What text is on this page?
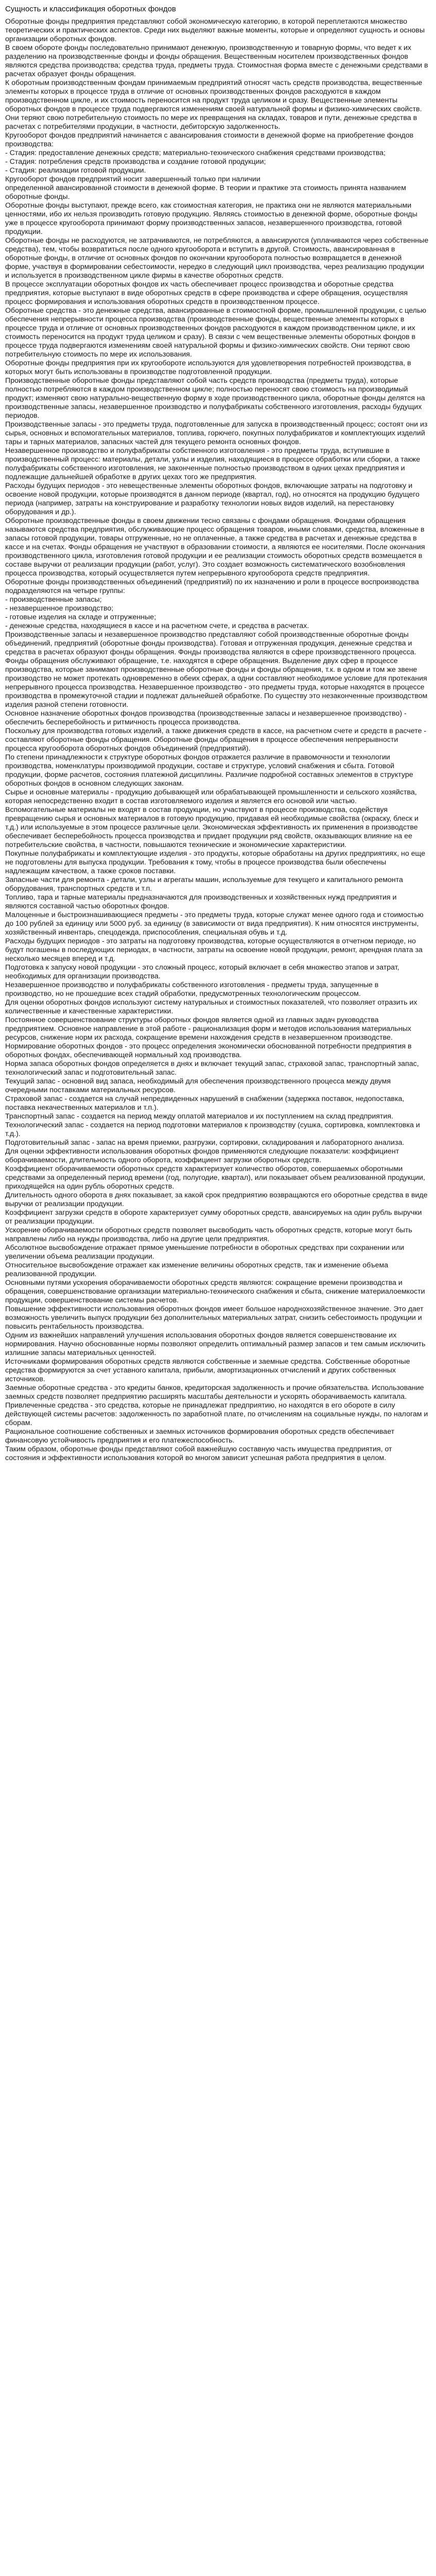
Сущность и классификация оборотных фондов

Оборотные фонды предприятия представляют собой экономическую категорию, в которой переплетаются множество теоретических и практических аспектов. Среди них выделяют важные моменты, которые и определяют сущность и основы организации оборотных фондов.

В своем обороте фонды последовательно принимают денежную, производственную и товарную формы, что ведет к их разделению на производственные фонды и фонды обращения. Вещественным носителем производственных фондов являются средства производства; средства труда, предметы труда. Стоимостная форма вместе с денежными средствами в расчетах образует фонды обращения.

К оборотным производственным фондам принимаемым предприятий относят часть средств производства, вещественные элементы которых в процессе труда в отличие от основных производственных фондов расходуются в каждом производственном цикле, и их стоимость переносится на продукт труда целиком и сразу. Вещественные элементы оборотных фондов в процессе труда подвергаются изменениям своей натуральной формы и физико-химических свойств. Они теряют свою потребительную стоимость по мере их превращения на складах, товаров и пути, денежные средства в расчетах с потребителями продукции, в частности, дебиторскую задолженность.

Кругооборот фондов предприятий начинается с авансирования стоимости в денежной форме на приобретение фондов производства:

- Стадия: предоставление денежных средств; материально-технического снабжения средствами производства;

- Стадия: потребления средств производства и создание готовой продукции;

- Стадия: реализации готовой продукции.

Кругооборот фондов предприятий носит завершенный только при наличии

определенной авансированной стоимости в денежной форме. В теории и практике эта стоимость принята названием оборотные фонды.

Оборотные фонды выступают, прежде всего, как стоимостная категория, не практика они не являются материальными ценностями, ибо их нельзя производить готовую продукцию. Являясь стоимостью в денежной форме, оборотные фонды уже в процессе кругооборота принимают форму производственных запасов, незавершенного производства, готовой продукции.

Оборотные фонды не расходуются, не затрачиваются, не потребляются, а авансируются (уплачиваются через собственные средства), тем, чтобы возвратиться после одного кругооборота и вступить в другой. Стоимость, авансированная в оборотные фонды, в отличие от основных фондов по окончании кругооборота полностью возвращается в денежной форме, участвуя в формировании себестоимости, нередко в следующий цикл производства, через реализацию продукции и используется в производственном цикле фирмы в качестве оборотных средств.

В процессе эксплуатации оборотных фондов их часть обеспечивает процесс производства и оборотные средства предприятия, которые выступают в виде оборотных средств в сфере производства и сфере обращения, осуществляя процесс формирования и использования оборотных средств в производственном процессе.

Оборотные средства - это денежные средства, авансированные в стоимостной форме, промышленной продукции, с целью обеспечения непрерывности процесса производства (производственные фонды, вещественные элементы которых в процессе труда и отличие от основных производственных фондов расходуются в каждом производственном цикле, и их стоимость переносится на продукт труда целиком и сразу). В связи с чем вещественные элементы оборотных фондов в процессе труда подвергаются изменениям своей натуральной формы и физико-химических свойств. Они теряют свою потребительную стоимость по мере их использования.

Оборотные фонды предприятия при их кругообороте используются для удовлетворения потребностей производства, в которых могут быть использованы в производстве подготовленной продукции.

Производственные оборотные фонды представляют собой часть средств производства (предметы труда), которые полностью потребляются в каждом производственном цикле; полностью переносят свою стоимость на производимый продукт; изменяют свою натурально-вещественную форму в ходе производственного цикла, оборотные фонды делятся на производственные запасы, незавершенное производство и полуфабрикаты собственного изготовления, расходы будущих периодов.

Производственные запасы - это предметы труда, подготовленные для запуска в производственный процесс; состоят они из сырья, основных и вспомогательных материалов, топлива, горючего, покупных полуфабрикатов и комплектующих изделий тары и тарных материалов, запасных частей для текущего ремонта основных фондов.

Незавершенное производство и полуфабрикаты собственного изготовления - это предметы труда, вступившие в производственный процесс: материалы, детали, узлы и изделия, находящиеся в процессе обработки или сборки, а также полуфабрикаты собственного изготовления, не законченные полностью производством в одних цехах предприятия и подлежащие дальнейшей обработке в других цехах того же предприятия.

Расходы будущих периодов - это невещественные элементы оборотных фондов, включающие затраты на подготовку и освоение новой продукции, которые производятся в данном периоде (квартал, год), но относятся на продукцию будущего периода (например, затраты на конструирование и разработку технологии новых видов изделий, на перестановку оборудования и др.).

Оборотные производственные фонды в своем движении тесно связаны с фондами обращения. Фондами обращения называются средства предприятия, обслуживающие процесс обращения товаров, иными словами, средства, вложенные в запасы готовой продукции, товары отгруженные, но не оплаченные, а также средства в расчетах и денежные средства в кассе и на счетах. Фонды обращения не участвуют в образовании стоимости, а являются ее носителями. После окончания производственного цикла, изготовления готовой продукции и ее реализации стоимость оборотных средств возмещается в составе выручки от реализации продукции (работ, услуг). Это создает возможность систематического возобновления процесса производства, который осуществляется путем непрерывного кругооборота средств предприятия.

Оборотные фонды производственных объединений (предприятий) по их назначению и роли в процессе воспроизводства подразделяются на четыре группы:

- производственные запасы;

- незавершенное производство;

- готовые изделия на складе и отгруженные;

- денежные средства, находящиеся в кассе и на расчетном счете, и средства в расчетах.

Производственные запасы и незавершенное производство представляют собой производственные оборотные фонды объединений, предприятий (оборотные фонды производства). Готовая и отгруженная продукция, денежные средства и средства в расчетах образуют фонды обращения. Фонды производства являются в сфере производственного процесса. Фонды обращения обслуживают обращение, т.е. находятся в сфере обращения. Выделение двух сфер в процессе производства, которые занимают производственные оборотные фонды и фонды обращения, т.к. в одном и том же звене производство не может протекать одновременно в обеих сферах, а одни составляют необходимое условие для протекания непрерывного процесса производства. Незавершенное производство - это предметы труда, которые находятся в процессе производства в промежуточной стадии и подлежат дальнейшей обработке. По существу это незаконченные производством изделия разной степени готовности.

Основное назначение оборотных фондов производства (производственные запасы и незавершенное производство) - обеспечить бесперебойность и ритмичность процесса производства.

Поскольку для производства готовых изделий, а также движения средств в кассе, на расчетном счете и средств в расчете - составляют оборотные фонды обращения. Оборотные фонды обращения в процессе обеспечения непрерывности процесса кругооборота оборотных фондов объединений (предприятий).

По степени принадлежности к структуре оборотных фондов отражается различие в правомочности и технологии производства, номенклатуры производимой продукции, составе и структуре, условий снабжения и сбыта. Готовой продукции, форме расчетов, состояния платежной дисциплины. Различие подробной составных элементов в структуре оборотных фондов в основном следующих законам.

Сырье и основные материалы - продукцию добывающей или обрабатывающей промышленности и сельского хозяйства, которая непосредственно входит в состав изготовляемого изделия и является его основой или частью.

Вспомогательные материалы не входят в состав продукции, но участвуют в процессе производства, содействуя превращению сырья и основных материалов в готовую продукцию, придавая ей необходимые свойства (окраску, блеск и т.д.) или используемые в этом процессе различные цели. Экономическая эффективность их применения в производстве обеспечивает бесперебойность процесса производства и придает продукции ряд свойств, оказывающих влияние на ее потребительские свойства, в частности, повышаются технические и экономические характеристики.

Покупные полуфабрикаты и комплектующие изделия - это продукты, которые обработаны на других предприятиях, но еще не подготовлены для выпуска продукции. Требования к тому, чтобы в процессе производства были обеспечены надлежащим качеством, а также сроков поставки.

Запасные части для ремонта - детали, узлы и агрегаты машин, используемые для текущего и капитального ремонта оборудования, транспортных средств и т.п.

Топливо, тара и тарные материалы предназначаются для производственных и хозяйственных нужд предприятия и являются составной частью оборотных фондов.

Малоценные и быстроизнашивающиеся предметы - это предметы труда, которые служат менее одного года и стоимостью до 100 рублей за единицу или 5000 руб. за единицу (в зависимости от вида предприятия). К ним относятся инструменты, хозяйственный инвентарь, спецодежда, приспособления, специальная обувь и т.д.

Расходы будущих периодов - это затраты на подготовку производства, которые осуществляются в отчетном периоде, но будут погашены в последующих периодах, в частности, затраты на освоение новой продукции, ремонт, арендная плата за несколько месяцев вперед и т.д.

Подготовка к запуску новой продукции - это сложный процесс, который включает в себя множество этапов и затрат, необходимых для организации производства.

Незавершенное производство и полуфабрикаты собственного изготовления - предметы труда, запущенные в производство, но не прошедшие всех стадий обработки, предусмотренных технологическим процессом.

Для оценки оборотных фондов используют систему натуральных и стоимостных показателей, что позволяет отразить их количественные и качественные характеристики.

Постоянное совершенствование структуры оборотных фондов является одной из главных задач руководства предприятием. Основное направление в этой работе - рационализация форм и методов использования материальных ресурсов, снижение норм их расхода, сокращение времени нахождения средств в незавершенном производстве.

Нормирование оборотных фондов - это процесс определения экономически обоснованной потребности предприятия в оборотных фондах, обеспечивающей нормальный ход производства.

Норма запаса оборотных фондов определяется в днях и включает текущий запас, страховой запас, транспортный запас, технологический запас и подготовительный запас.

Текущий запас - основной вид запаса, необходимый для обеспечения производственного процесса между двумя очередными поставками материальных ресурсов.

Страховой запас - создается на случай непредвиденных нарушений в снабжении (задержка поставок, недопоставка, поставка некачественных материалов и т.п.).

Транспортный запас - создается на период между оплатой материалов и их поступлением на склад предприятия.

Технологический запас - создается на период подготовки материалов к производству (сушка, сортировка, комплектовка и т.д.).

Подготовительный запас - запас на время приемки, разгрузки, сортировки, складирования и лабораторного анализа.

Для оценки эффективности использования оборотных фондов применяются следующие показатели: коэффициент оборачиваемости, длительность одного оборота, коэффициент загрузки оборотных средств.

Коэффициент оборачиваемости оборотных средств характеризует количество оборотов, совершаемых оборотными средствами за определенный период времени (год, полугодие, квартал), или показывает объем реализованной продукции, приходящейся на один рубль оборотных средств.

Длительность одного оборота в днях показывает, за какой срок предприятию возвращаются его оборотные средства в виде выручки от реализации продукции.

Коэффициент загрузки средств в обороте характеризует сумму оборотных средств, авансируемых на один рубль выручки от реализации продукции.

Ускорение оборачиваемости оборотных средств позволяет высвободить часть оборотных средств, которые могут быть направлены либо на нужды производства, либо на другие цели предприятия.

Абсолютное высвобождение отражает прямое уменьшение потребности в оборотных средствах при сохранении или увеличении объема реализации продукции.

Относительное высвобождение отражает как изменение величины оборотных средств, так и изменение объема реализованной продукции.

Основными путями ускорения оборачиваемости оборотных средств являются: сокращение времени производства и обращения, совершенствование организации материально-технического снабжения и сбыта, снижение материалоемкости продукции, совершенствование системы расчетов.

Повышение эффективности использования оборотных фондов имеет большое народнохозяйственное значение. Это дает возможность увеличить выпуск продукции без дополнительных материальных затрат, снизить себестоимость продукции и повысить рентабельность производства.

Одним из важнейших направлений улучшения использования оборотных фондов является совершенствование их нормирования. Научно обоснованные нормы позволяют определить оптимальный размер запасов и тем самым исключить излишние запасы материальных ценностей.

Источниками формирования оборотных средств являются собственные и заемные средства. Собственные оборотные средства формируются за счет уставного капитала, прибыли, амортизационных отчислений и других собственных источников.

Заемные оборотные средства - это кредиты банков, кредиторская задолженность и прочие обязательства. Использование заемных средств позволяет предприятию расширять масштабы деятельности и ускорять оборачиваемость капитала.

Привлеченные средства - это средства, которые не принадлежат предприятию, но находятся в его обороте в силу действующей системы расчетов: задолженность по заработной плате, по отчислениям на социальные нужды, по налогам и сборам.

Рациональное соотношение собственных и заемных источников формирования оборотных средств обеспечивает финансовую устойчивость предприятия и его платежеспособность.

Таким образом, оборотные фонды представляют собой важнейшую составную часть имущества предприятия, от состояния и эффективности использования которой во многом зависит успешная работа предприятия в целом.
